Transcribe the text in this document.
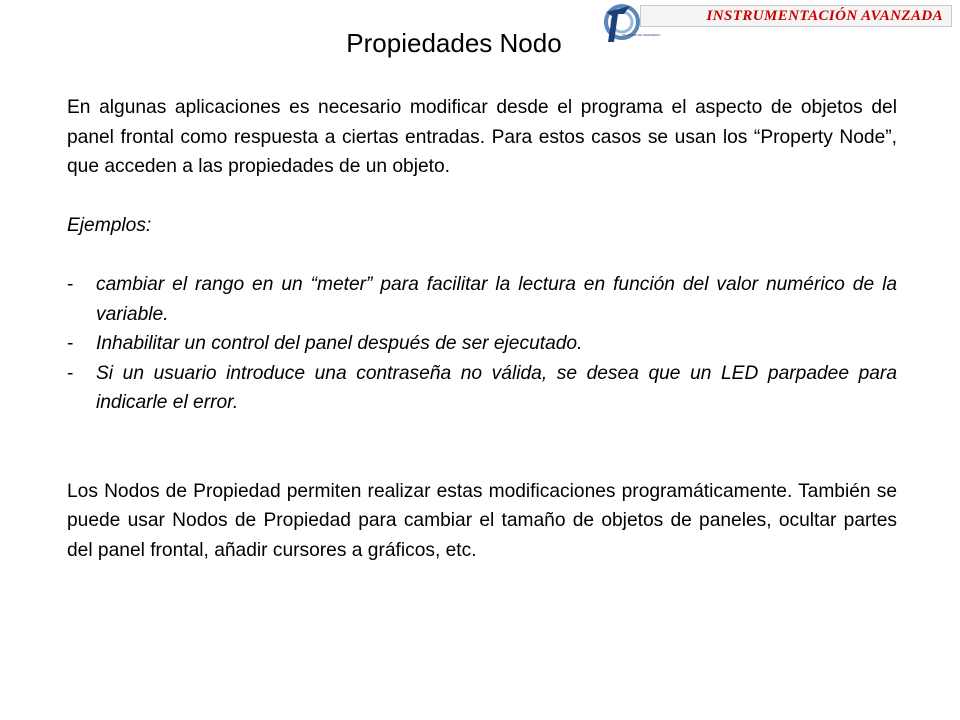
FACULTAD DE INGENIERIA
INSTRUMENTACIÓN AVANZADA
Propiedades Nodo

En algunas aplicaciones es necesario modificar desde el programa el aspecto de objetos del panel frontal como respuesta a ciertas entradas. Para estos casos se usan los “Property Node”, que acceden a las propiedades de un objeto.

Ejemplos:

- cambiar el rango en un “meter” para facilitar la lectura en función del valor numérico de la variable.
- Inhabilitar un control del panel después de ser ejecutado.
- Si un usuario introduce una contraseña no válida, se desea que un LED parpadee para indicarle el error.

Los Nodos de Propiedad permiten realizar estas modificaciones programáticamente. También se puede usar Nodos de Propiedad para cambiar el tamaño de objetos de paneles, ocultar partes del panel frontal, añadir cursores a gráficos, etc.
